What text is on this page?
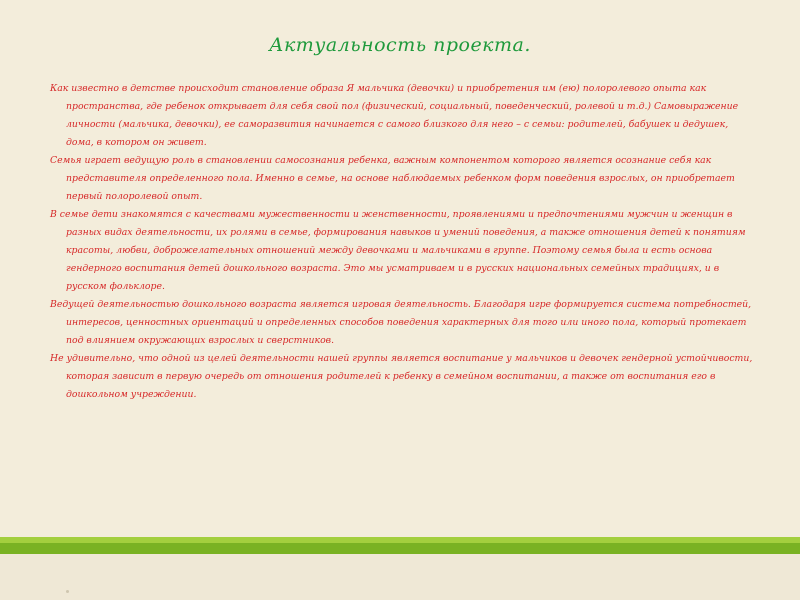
Актуальность проекта.

Как известно в детстве происходит становление образа Я мальчика (девочки) и приобретения им (ею) полоролевого опыта как пространства, где ребенок открывает для себя свой пол (физический, социальный, поведенческий, ролевой и т.д.) Самовыражение личности (мальчика, девочки), ее саморазвития начинается с самого близкого для него – с семьи: родителей, бабушек и дедушек, дома, в котором он живет.

Семья играет ведущую роль в становлении самосознания ребенка, важным компонентом которого является осознание себя как представителя определенного пола. Именно в семье, на основе наблюдаемых ребенком форм поведения взрослых, он приобретает первый полоролевой опыт.

В семье дети знакомятся с качествами мужественности и женственности, проявлениями и предпочтениями мужчин и женщин в разных видах деятельности, их ролями в семье, формирования навыков и умений поведения, а также отношения детей к понятиям красоты, любви, доброжелательных отношений между девочками и мальчиками в группе. Поэтому семья была и есть основа гендерного воспитания детей дошкольного возраста. Это мы усматриваем и в русских национальных семейных традициях, и в русском фольклоре.

Ведущей деятельностью дошкольного возраста является игровая деятельность. Благодаря игре формируется система потребностей, интересов, ценностных ориентаций и определенных способов поведения характерных для того или иного пола, который протекает под влиянием окружающих взрослых и сверстников.

Не удивительно, что одной из целей деятельности нашей группы является воспитание у мальчиков и девочек гендерной устойчивости, которая зависит в первую очередь от отношения родителей к ребенку в семейном воспитании, а также от воспитания его в дошкольном учреждении.
